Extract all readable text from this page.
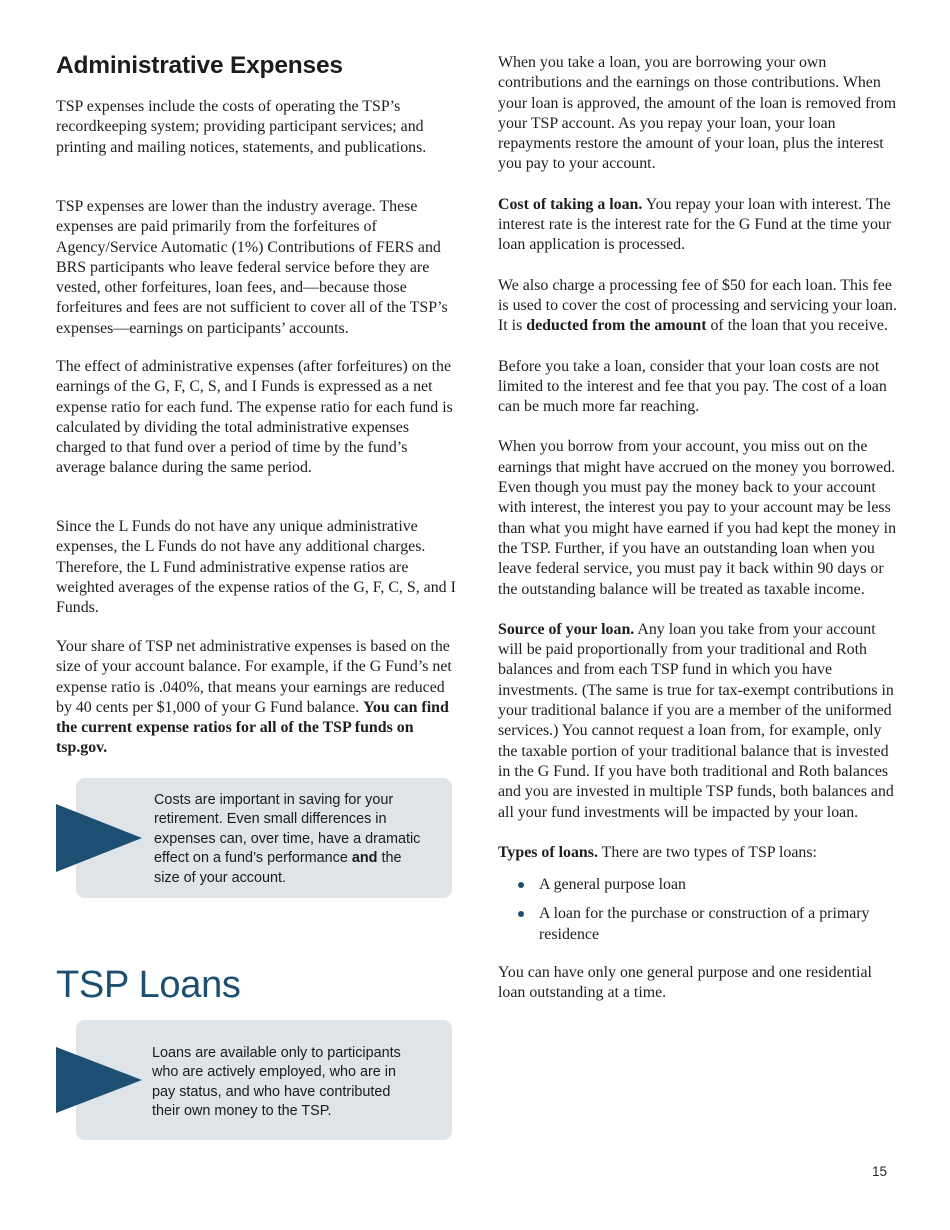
Administrative Expenses

TSP expenses include the costs of operating the TSP’s recordkeeping system; providing participant services; and printing and mailing notices, statements, and publications.

TSP expenses are lower than the industry average. These expenses are paid primarily from the forfeitures of Agency/Service Automatic (1%) Contributions of FERS and BRS participants who leave federal service before they are vested, other forfeitures, loan fees, and—because those forfeitures and fees are not sufficient to cover all of the TSP’s expenses—earnings on participants’ accounts.

The effect of administrative expenses (after forfeitures) on the earnings of the G, F, C, S, and I Funds is expressed as a net expense ratio for each fund. The expense ratio for each fund is calculated by dividing the total administrative expenses charged to that fund over a period of time by the fund’s average balance during the same period.

Since the L Funds do not have any unique administrative expenses, the L Funds do not have any additional charges. Therefore, the L Fund administrative expense ratios are weighted averages of the expense ratios of the G, F, C, S, and I Funds.

Your share of TSP net administrative expenses is based on the size of your account balance. For example, if the G Fund’s net expense ratio is .040%, that means your earnings are reduced by 40 cents per $1,000 of your G Fund balance. You can find the current expense ratios for all of the TSP funds on tsp.gov.

Costs are important in saving for your retirement. Even small differences in expenses can, over time, have a dramatic effect on a fund’s performance and the size of your account.
TSP Loans
Loans are available only to participants who are actively employed, who are in pay status, and who have contributed their own money to the TSP.

When you take a loan, you are borrowing your own contributions and the earnings on those contributions. When your loan is approved, the amount of the loan is removed from your TSP account. As you repay your loan, your loan repayments restore the amount of your loan, plus the interest you pay to your account.

Cost of taking a loan. You repay your loan with interest. The interest rate is the interest rate for the G Fund at the time your loan application is processed.

We also charge a processing fee of $50 for each loan. This fee is used to cover the cost of processing and servicing your loan. It is deducted from the amount of the loan that you receive.

Before you take a loan, consider that your loan costs are not limited to the interest and fee that you pay. The cost of a loan can be much more far reaching.

When you borrow from your account, you miss out on the earnings that might have accrued on the money you borrowed. Even though you must pay the money back to your account with interest, the interest you pay to your account may be less than what you might have earned if you had kept the money in the TSP. Further, if you have an outstanding loan when you leave federal service, you must pay it back within 90 days or the outstanding balance will be treated as taxable income.

Source of your loan. Any loan you take from your account will be paid proportionally from your traditional and Roth balances and from each TSP fund in which you have investments. (The same is true for tax-exempt contributions in your traditional balance if you are a member of the uniformed services.) You cannot request a loan from, for example, only the taxable portion of your traditional balance that is invested in the G Fund. If you have both traditional and Roth balances and you are invested in multiple TSP funds, both balances and all your fund investments will be impacted by your loan.

Types of loans. There are two types of TSP loans:

A general purpose loan
A loan for the purchase or construction of a primary residence

You can have only one general purpose and one residential loan outstanding at a time.

15
